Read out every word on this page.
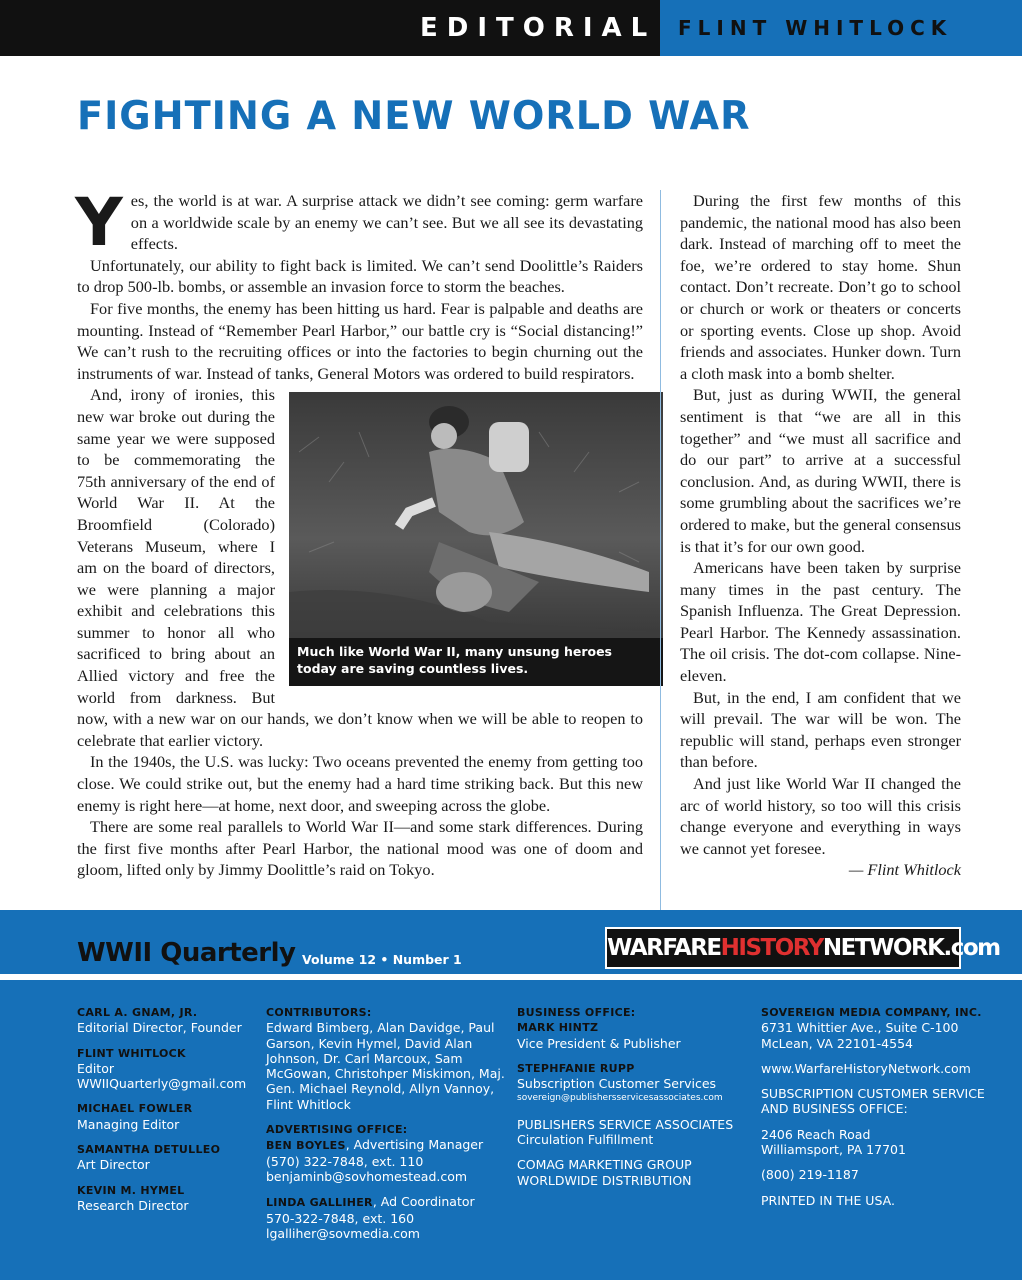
EDITORIAL	FLINT WHITLOCK
FIGHTING A NEW WORLD WAR

Yes, the world is at war. A surprise attack we didn’t see coming: germ warfare on a worldwide scale by an enemy we can’t see. But we all see its devastating effects.

Unfortunately, our ability to fight back is limited. We can’t send Doolittle’s Raiders to drop 500-lb. bombs, or assemble an invasion force to storm the beaches.

For five months, the enemy has been hitting us hard. Fear is palpable and deaths are mounting. Instead of “Remember Pearl Harbor,” our battle cry is “Social distancing!” We can’t rush to the recruiting offices or into the factories to begin churning out the instruments of war. Instead of tanks, General Motors was ordered to build respirators.

Much like World War II, many unsung heroes today are saving countless lives.

And, irony of ironies, this new war broke out during the same year we were supposed to be commemorating the 75th anniversary of the end of World War II. At the Broomfield (Colorado) Veterans Museum, where I am on the board of directors, we were planning a major exhibit and celebrations this summer to honor all who sacrificed to bring about an Allied victory and free the world from darkness. But now, with a new war on our hands, we don’t know when we will be able to reopen to celebrate that earlier victory.

In the 1940s, the U.S. was lucky: Two oceans prevented the enemy from getting too close. We could strike out, but the enemy had a hard time striking back. But this new enemy is right here—at home, next door, and sweeping across the globe.

There are some real parallels to World War II—and some stark differences. During the first five months after Pearl Harbor, the national mood was one of doom and gloom, lifted only by Jimmy Doolittle’s raid on Tokyo.

During the first few months of this pandemic, the national mood has also been dark. Instead of marching off to meet the foe, we’re ordered to stay home. Shun contact. Don’t recreate. Don’t go to school or church or work or theaters or concerts or sporting events. Close up shop. Avoid friends and associates. Hunker down. Turn a cloth mask into a bomb shelter.

But, just as during WWII, the general sentiment is that “we are all in this together” and “we must all sacrifice and do our part” to arrive at a successful conclusion. And, as during WWII, there is some grumbling about the sacrifices we’re ordered to make, but the general consensus is that it’s for our own good.

Americans have been taken by surprise many times in the past century. The Spanish Influenza. The Great Depression. Pearl Harbor. The Kennedy assassination. The oil crisis. The dot-com collapse. Nine-eleven.

But, in the end, I am confident that we will prevail. The war will be won. The republic will stand, perhaps even stronger than before.

And just like World War II changed the arc of world history, so too will this crisis change everyone and everything in ways we cannot yet foresee.

— Flint Whitlock

WWII Quarterly Volume 12 • Number 1	WARFAREHISTORYNETWORK.com
CARL A. GNAM, JR.
Editorial Director, Founder
FLINT WHITLOCK
Editor
WWIIQuarterly@gmail.com
MICHAEL FOWLER
Managing Editor
SAMANTHA DETULLEO
Art Director
KEVIN M. HYMEL
Research Director
CONTRIBUTORS:
Edward Bimberg, Alan Davidge, Paul Garson, Kevin Hymel, David Alan Johnson, Dr. Carl Marcoux, Sam McGowan, Christohper Miskimon, Maj. Gen. Michael Reynold, Allyn Vannoy, Flint Whitlock
ADVERTISING OFFICE:
BEN BOYLES, Advertising Manager
(570) 322-7848, ext. 110
benjaminb@sovhomestead.com
LINDA GALLIHER, Ad Coordinator
570-322-7848, ext. 160
lgalliher@sovmedia.com
BUSINESS OFFICE:
MARK HINTZ
Vice President & Publisher
STEPHFANIE RUPP
Subscription Customer Services
sovereign@publishersservicesassociates.com
PUBLISHERS SERVICE ASSOCIATES
Circulation Fulfillment
COMAG MARKETING GROUP
WORLDWIDE DISTRIBUTION
SOVEREIGN MEDIA COMPANY, INC.
6731 Whittier Ave., Suite C-100
McLean, VA 22101-4554
www.WarfareHistoryNetwork.com
SUBSCRIPTION CUSTOMER SERVICE AND BUSINESS OFFICE:
2406 Reach Road
Williamsport, PA 17701
(800) 219-1187
PRINTED IN THE USA.
